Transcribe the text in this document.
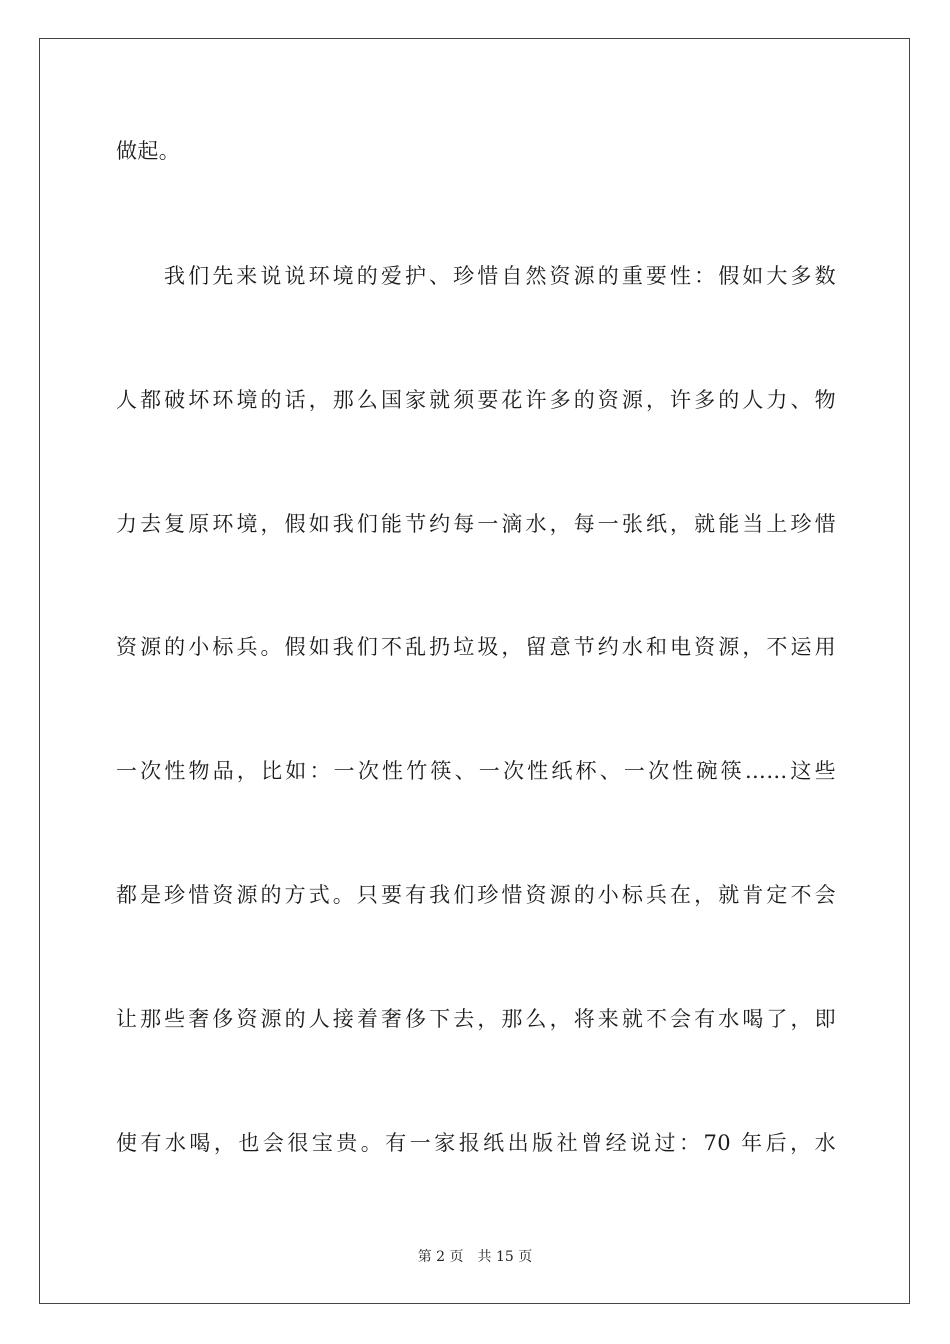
做起。
我们先来说说环境的爱护、珍惜自然资源的重要性：假如大多数
人都破坏环境的话，那么国家就须要花许多的资源，许多的人力、物
力去复原环境，假如我们能节约每一滴水，每一张纸，就能当上珍惜
资源的小标兵。假如我们不乱扔垃圾，留意节约水和电资源，不运用
一次性物品，比如：一次性竹筷、一次性纸杯、一次性碗筷……这些
都是珍惜资源的方式。只要有我们珍惜资源的小标兵在，就肯定不会
让那些奢侈资源的人接着奢侈下去，那么，将来就不会有水喝了，即
使有水喝，也会很宝贵。有一家报纸出版社曾经说过：70 年后，水
第 2 页 共 15 页
